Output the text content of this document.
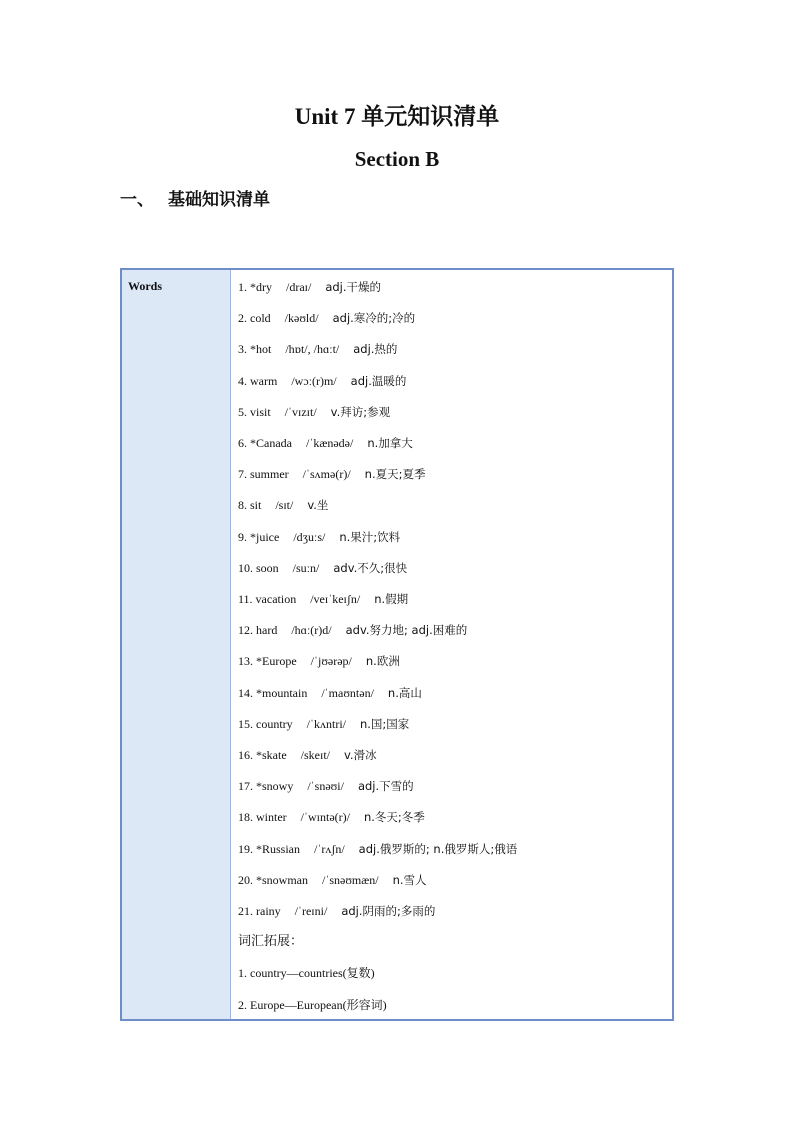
Unit 7 单元知识清单
Section B
一、 基础知识清单
Words	1. *dry /draɪ/ adj.干燥的
2. cold /kəʊld/ adj.寒冷的;冷的
3. *hot /hɒt/, /hɑːt/ adj.热的
4. warm /wɔː(r)m/ adj.温暖的
5. visit /ˈvɪzɪt/ v.拜访;参观
6. *Canada /ˈkænədə/ n.加拿大
7. summer /ˈsʌmə(r)/ n.夏天;夏季
8. sit /sɪt/ v.坐
9. *juice /dʒuːs/ n.果汁;饮料
10. soon /suːn/ adv.不久;很快
11. vacation /veɪˈkeɪʃn/ n.假期
12. hard /hɑː(r)d/ adv.努力地; adj.困难的
13. *Europe /ˈjʊərəp/ n.欧洲
14. *mountain /ˈmaʊntən/ n.高山
15. country /ˈkʌntri/ n.国;国家
16. *skate /skeɪt/ v.滑冰
17. *snowy /ˈsnəʊi/ adj.下雪的
18. winter /ˈwɪntə(r)/ n.冬天;冬季
19. *Russian /ˈrʌʃn/ adj.俄罗斯的; n.俄罗斯人;俄语
20. *snowman /ˈsnəʊmæn/ n.雪人
21. rainy /ˈreɪni/ adj.阴雨的;多雨的
词汇拓展：
1. country—countries(复数)
2. Europe—European(形容词)
